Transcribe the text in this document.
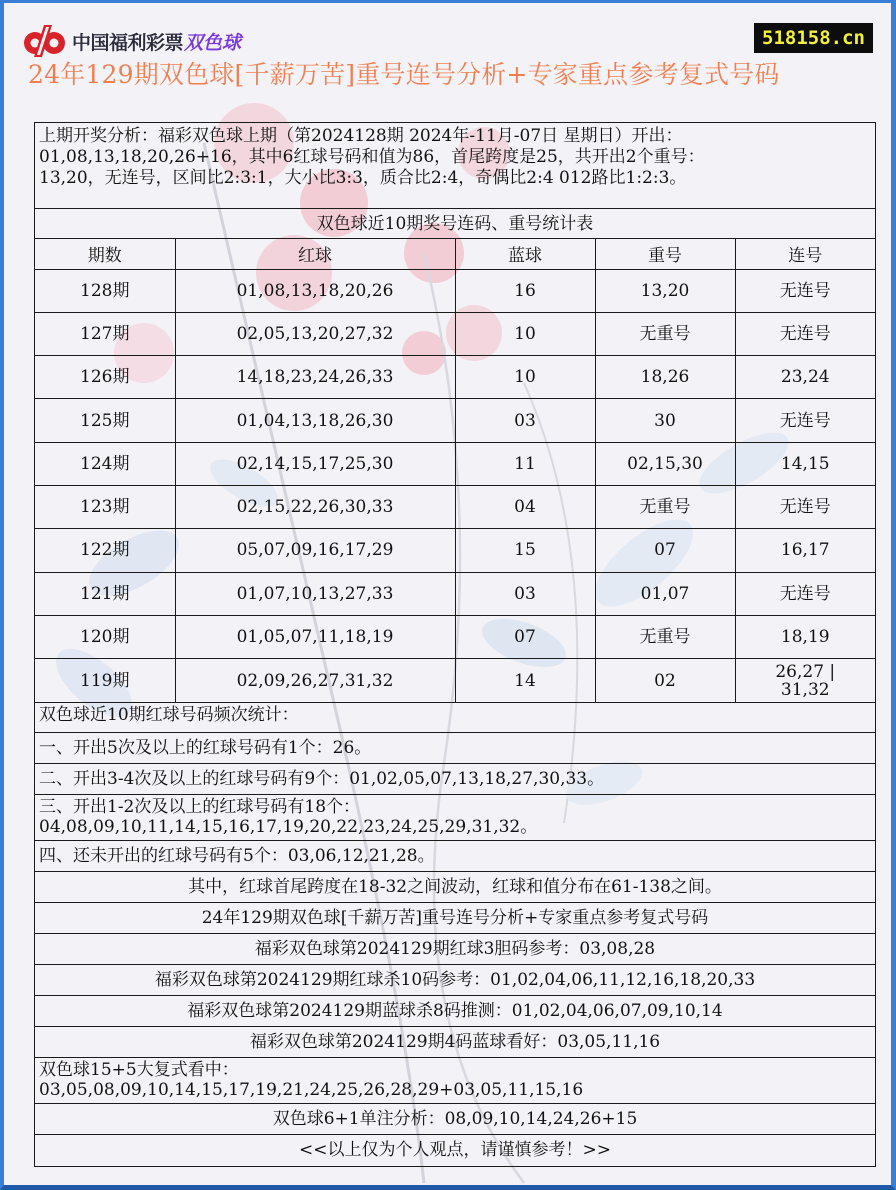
中国福利彩票 双色球	518158.cn
24年129期双色球[千薪万苦]重号连号分析+专家重点参考复式号码

上期开奖分析：福彩双色球上期（第2024128期 2024年-11月-07日 星期日）开出：

01,08,13,18,20,26+16，其中6红球号码和值为86，首尾跨度是25，共开出2个重号：

13,20，无连号，区间比2:3:1，大小比3:3，质合比2:4，奇偶比2:4 012路比1:2:3。

双色球近10期奖号连码、重号统计表
期数	红球	蓝球	重号	连号
128期	01,08,13,18,20,26	16	13,20	无连号
127期	02,05,13,20,27,32	10	无重号	无连号
126期	14,18,23,24,26,33	10	18,26	23,24
125期	01,04,13,18,26,30	03	30	无连号
124期	02,14,15,17,25,30	11	02,15,30	14,15
123期	02,15,22,26,30,33	04	无重号	无连号
122期	05,07,09,16,17,29	15	07	16,17
121期	01,07,10,13,27,33	03	01,07	无连号
120期	01,05,07,11,18,19	07	无重号	18,19
119期	02,09,26,27,31,32	14	02	26,27 |
31,32
双色球近10期红球号码频次统计：
一、开出5次及以上的红球号码有1个：26。
二、开出3-4次及以上的红球号码有9个：01,02,05,07,13,18,27,30,33。
三、开出1-2次及以上的红球号码有18个：
04,08,09,10,11,14,15,16,17,19,20,22,23,24,25,29,31,32。
四、还未开出的红球号码有5个：03,06,12,21,28。
其中，红球首尾跨度在18-32之间波动，红球和值分布在61-138之间。
24年129期双色球[千薪万苦]重号连号分析+专家重点参考复式号码
福彩双色球第2024129期红球3胆码参考：03,08,28
福彩双色球第2024129期红球杀10码参考：01,02,04,06,11,12,16,18,20,33
福彩双色球第2024129期蓝球杀8码推测：01,02,04,06,07,09,10,14
福彩双色球第2024129期4码蓝球看好：03,05,11,16
双色球15+5大复式看中：
03,05,08,09,10,14,15,17,19,21,24,25,26,28,29+03,05,11,15,16
双色球6+1单注分析：08,09,10,14,24,26+15
<<以上仅为个人观点，请谨慎参考！>>
